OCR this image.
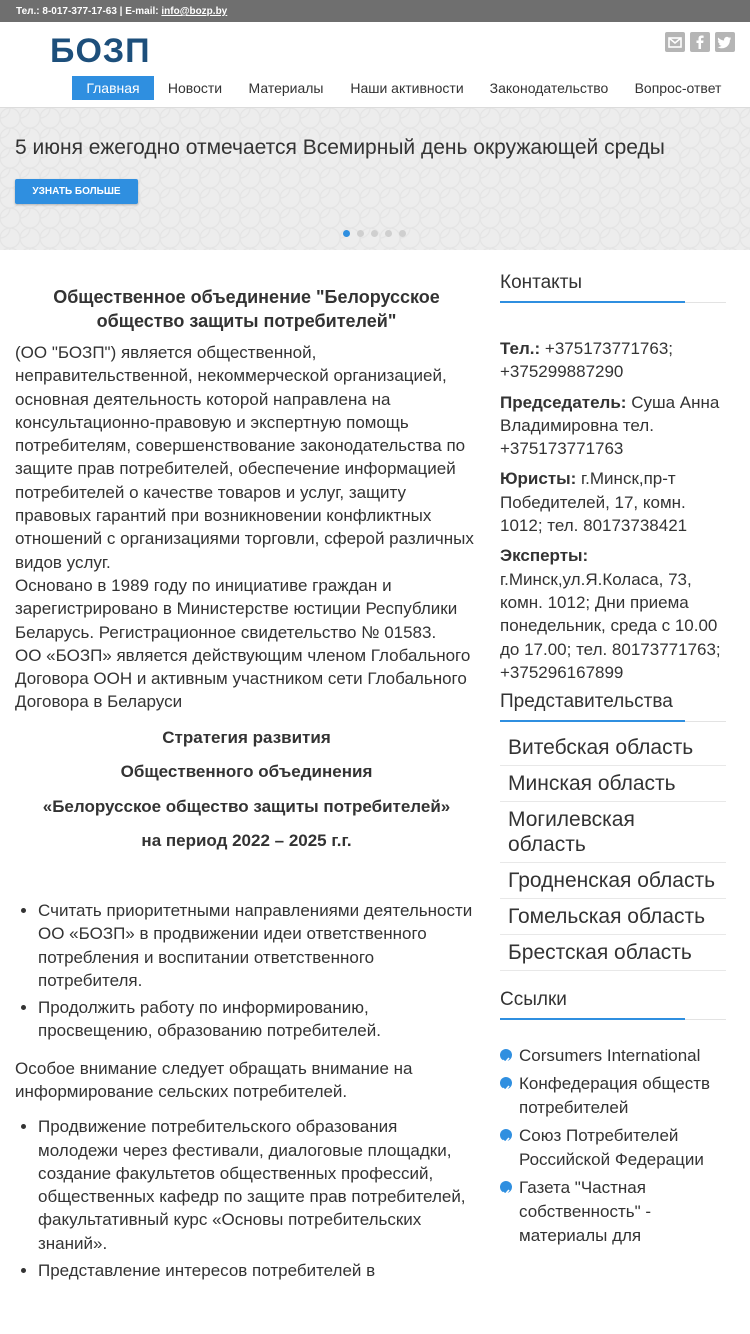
Тел.: 8-017-377-17-63 | E-mail: info@bozp.by
БОЗП
Главная	Новости	Материалы	Наши активности	Законодательство	Вопрос-ответ
5 июня ежегодно отмечается Всемирный день окружающей среды
УЗНАТЬ БОЛЬШЕ
Общественное объединение "Белорусское общество защиты потребителей"

(ОО "БОЗП") является общественной, неправительственной, некоммерческой организацией, основная деятельность которой направлена на консультационно-правовую и экспертную помощь потребителям, совершенствование законодательства по защите прав потребителей, обеспечение информацией потребителей о качестве товаров и услуг, защиту правовых гарантий при возникновении конфликтных отношений с организациями торговли, сферой различных видов услуг.

Основано в 1989 году по инициативе граждан и зарегистрировано в Министерстве юстиции Республики Беларусь. Регистрационное свидетельство № 01583.

ОО «БОЗП» является действующим членом Глобального Договора ООН и активным участником сети Глобального Договора в Беларуси

Стратегия развития

Общественного объединения

«Белорусское общество защиты потребителей»

на период 2022 – 2025 г.г.

• Считать приоритетными направлениями деятельности ОО «БОЗП» в продвижении идеи ответственного потребления и воспитании ответственного потребителя.
• Продолжить работу по информированию, просвещению, образованию потребителей.

Особое внимание следует обращать внимание на информирование сельских потребителей.

• Продвижение потребительского образования молодежи через фестивали, диалоговые площадки, создание факультетов общественных профессий, общественных кафедр по защите прав потребителей, факультативный курс «Основы потребительских знаний».
• Представление интересов потребителей в
Контакты

Тел.: +375173771763; +375299887290

Председатель: Суша Анна Владимировна тел. +375173771763

Юристы: г.Минск,пр-т Победителей, 17, комн. 1012; тел. 80173738421

Эксперты: г.Минск,ул.Я.Коласа, 73, комн. 1012; Дни приема понедельник, среда с 10.00 до 17.00; тел. 80173771763; +375296167899

Представительства
Витебская область
Минская область
Могилевская область
Гродненская область
Гомельская область
Брестская область
Ссылки
Corsumers International
Конфедерация обществ потребителей
Союз Потребителей Российской Федерации
Газета "Частная собственность" - материалы для
